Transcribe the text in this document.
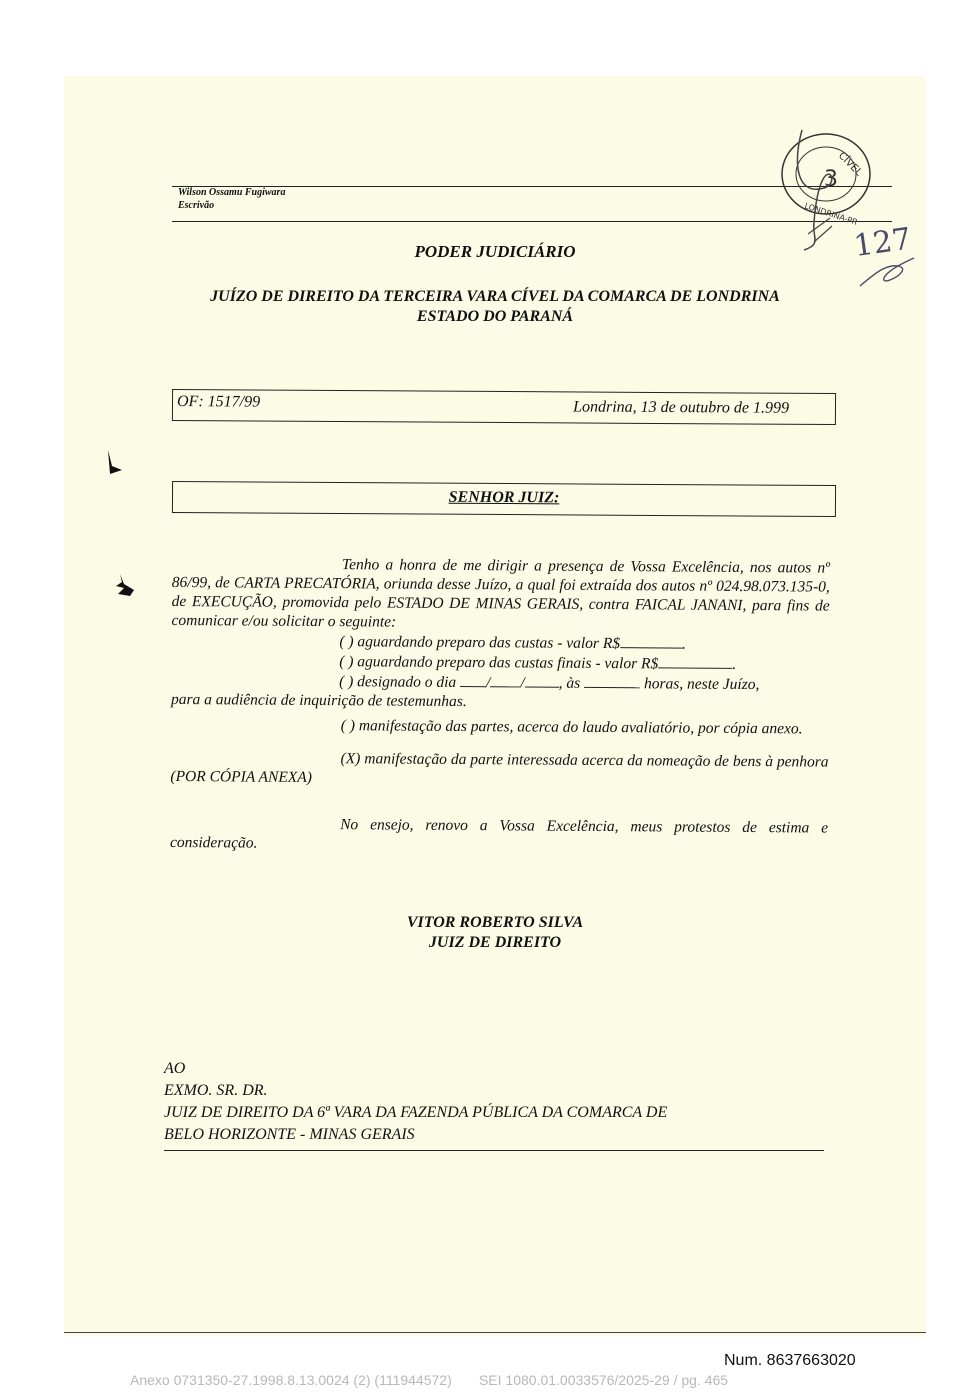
Wilson Ossamu Fugiwara
Escrivão
3
CÍVEL
LONDRINA-PR
127
PODER JUDICIÁRIO
JUÍZO DE DIREITO DA TERCEIRA VARA CÍVEL DA COMARCA DE LONDRINA
ESTADO DO PARANÁ
OF: 1517/99	Londrina, 13 de outubro de 1.999
SENHOR JUIZ:

Tenho a honra de me dirigir a presença de Vossa Excelência, nos autos nº 86/99, de CARTA PRECATÓRIA, oriunda desse Juízo, a qual foi extraída dos autos nº 024.98.073.135-0, de EXECUÇÃO, promovida pelo ESTADO DE MINAS GERAIS, contra FAICAL JANANI, para fins de comunicar e/ou solicitar o seguinte:

( ) aguardando preparo das custas - valor R$	.

( ) aguardando preparo das custas finais - valor R$	.

( ) designado o dia / / , às	horas, neste Juízo,

para a audiência de inquirição de testemunhas.

( ) manifestação das partes, acerca do laudo avaliatório, por cópia anexo.

(X) manifestação da parte interessada acerca da nomeação de bens à penhora (POR CÓPIA ANEXA)

No ensejo, renovo a Vossa Excelência, meus protestos de estima e consideração.

VITOR ROBERTO SILVA
JUIZ DE DIREITO
AO
EXMO. SR. DR.
JUIZ DE DIREITO DA 6ª VARA DA FAZENDA PÚBLICA DA COMARCA DE
BELO HORIZONTE - MINAS GERAIS
Num. 8637663020
Anexo 0731350-27.1998.8.13.0024 (2) (111944572)       SEI 1080.01.0033576/2025-29 / pg. 465
